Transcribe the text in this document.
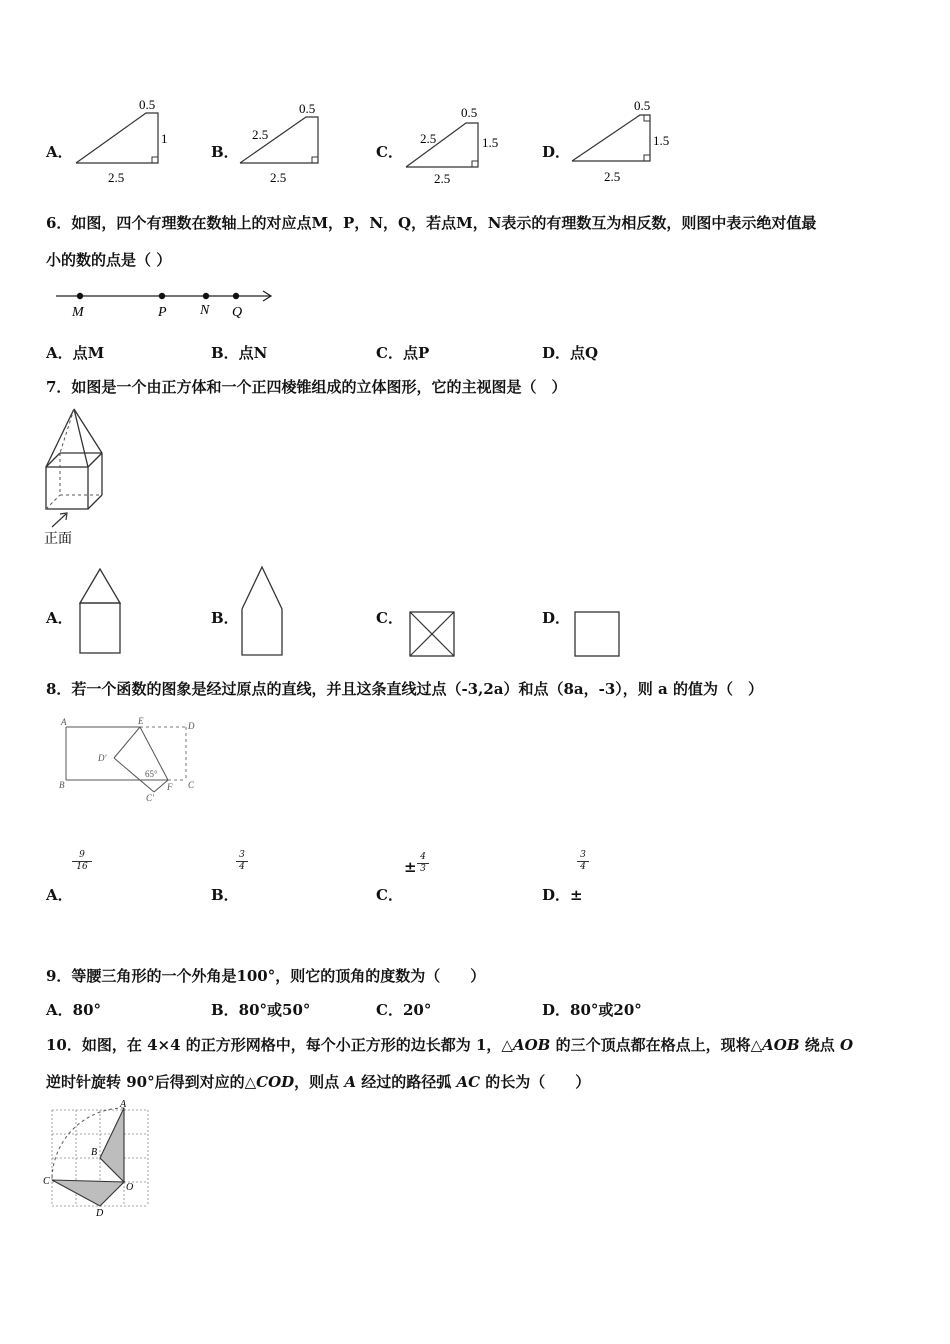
A．
0.5
1
2.5
B．
0.5
2.5
2.5
C．
0.5
1.5
2.5
2.5
D．
0.5
1.5
2.5
6．如图，四个有理数在数轴上的对应点M，P，N，Q，若点M，N表示的有理数互为相反数，则图中表示绝对值最
小的数的点是（ ）
M	P N Q
A．点M	B．点N	C．点P	D．点Q
7．如图是一个由正方体和一个正四棱锥组成的立体图形，它的主视图是（　）
正面
A．	B．	C．	D．
8．若一个函数的图象是经过原点的直线，并且这条直线过点（-3,2a）和点（8a，-3），则 a 的值为（　）
A	E	D
D'
B	C
C'
F
65°
A．
$\frac{9}{16}$
B．
$\frac{3}{4}$
C．
± $\frac{4}{3}$
D．±
$\frac{3}{4}$
9．等腰三角形的一个外角是100°，则它的顶角的度数为（　　）
A．80°	B．80°或50°	C．20°	D．80°或20°
10．如图，在 4×4 的正方形网格中，每个小正方形的边长都为 1，△AOB 的三个顶点都在格点上，现将△AOB 绕点 O
逆时针旋转 90°后得到对应的△COD，则点 A 经过的路径弧 AC 的长为（　　）
A
B
C
O
D
